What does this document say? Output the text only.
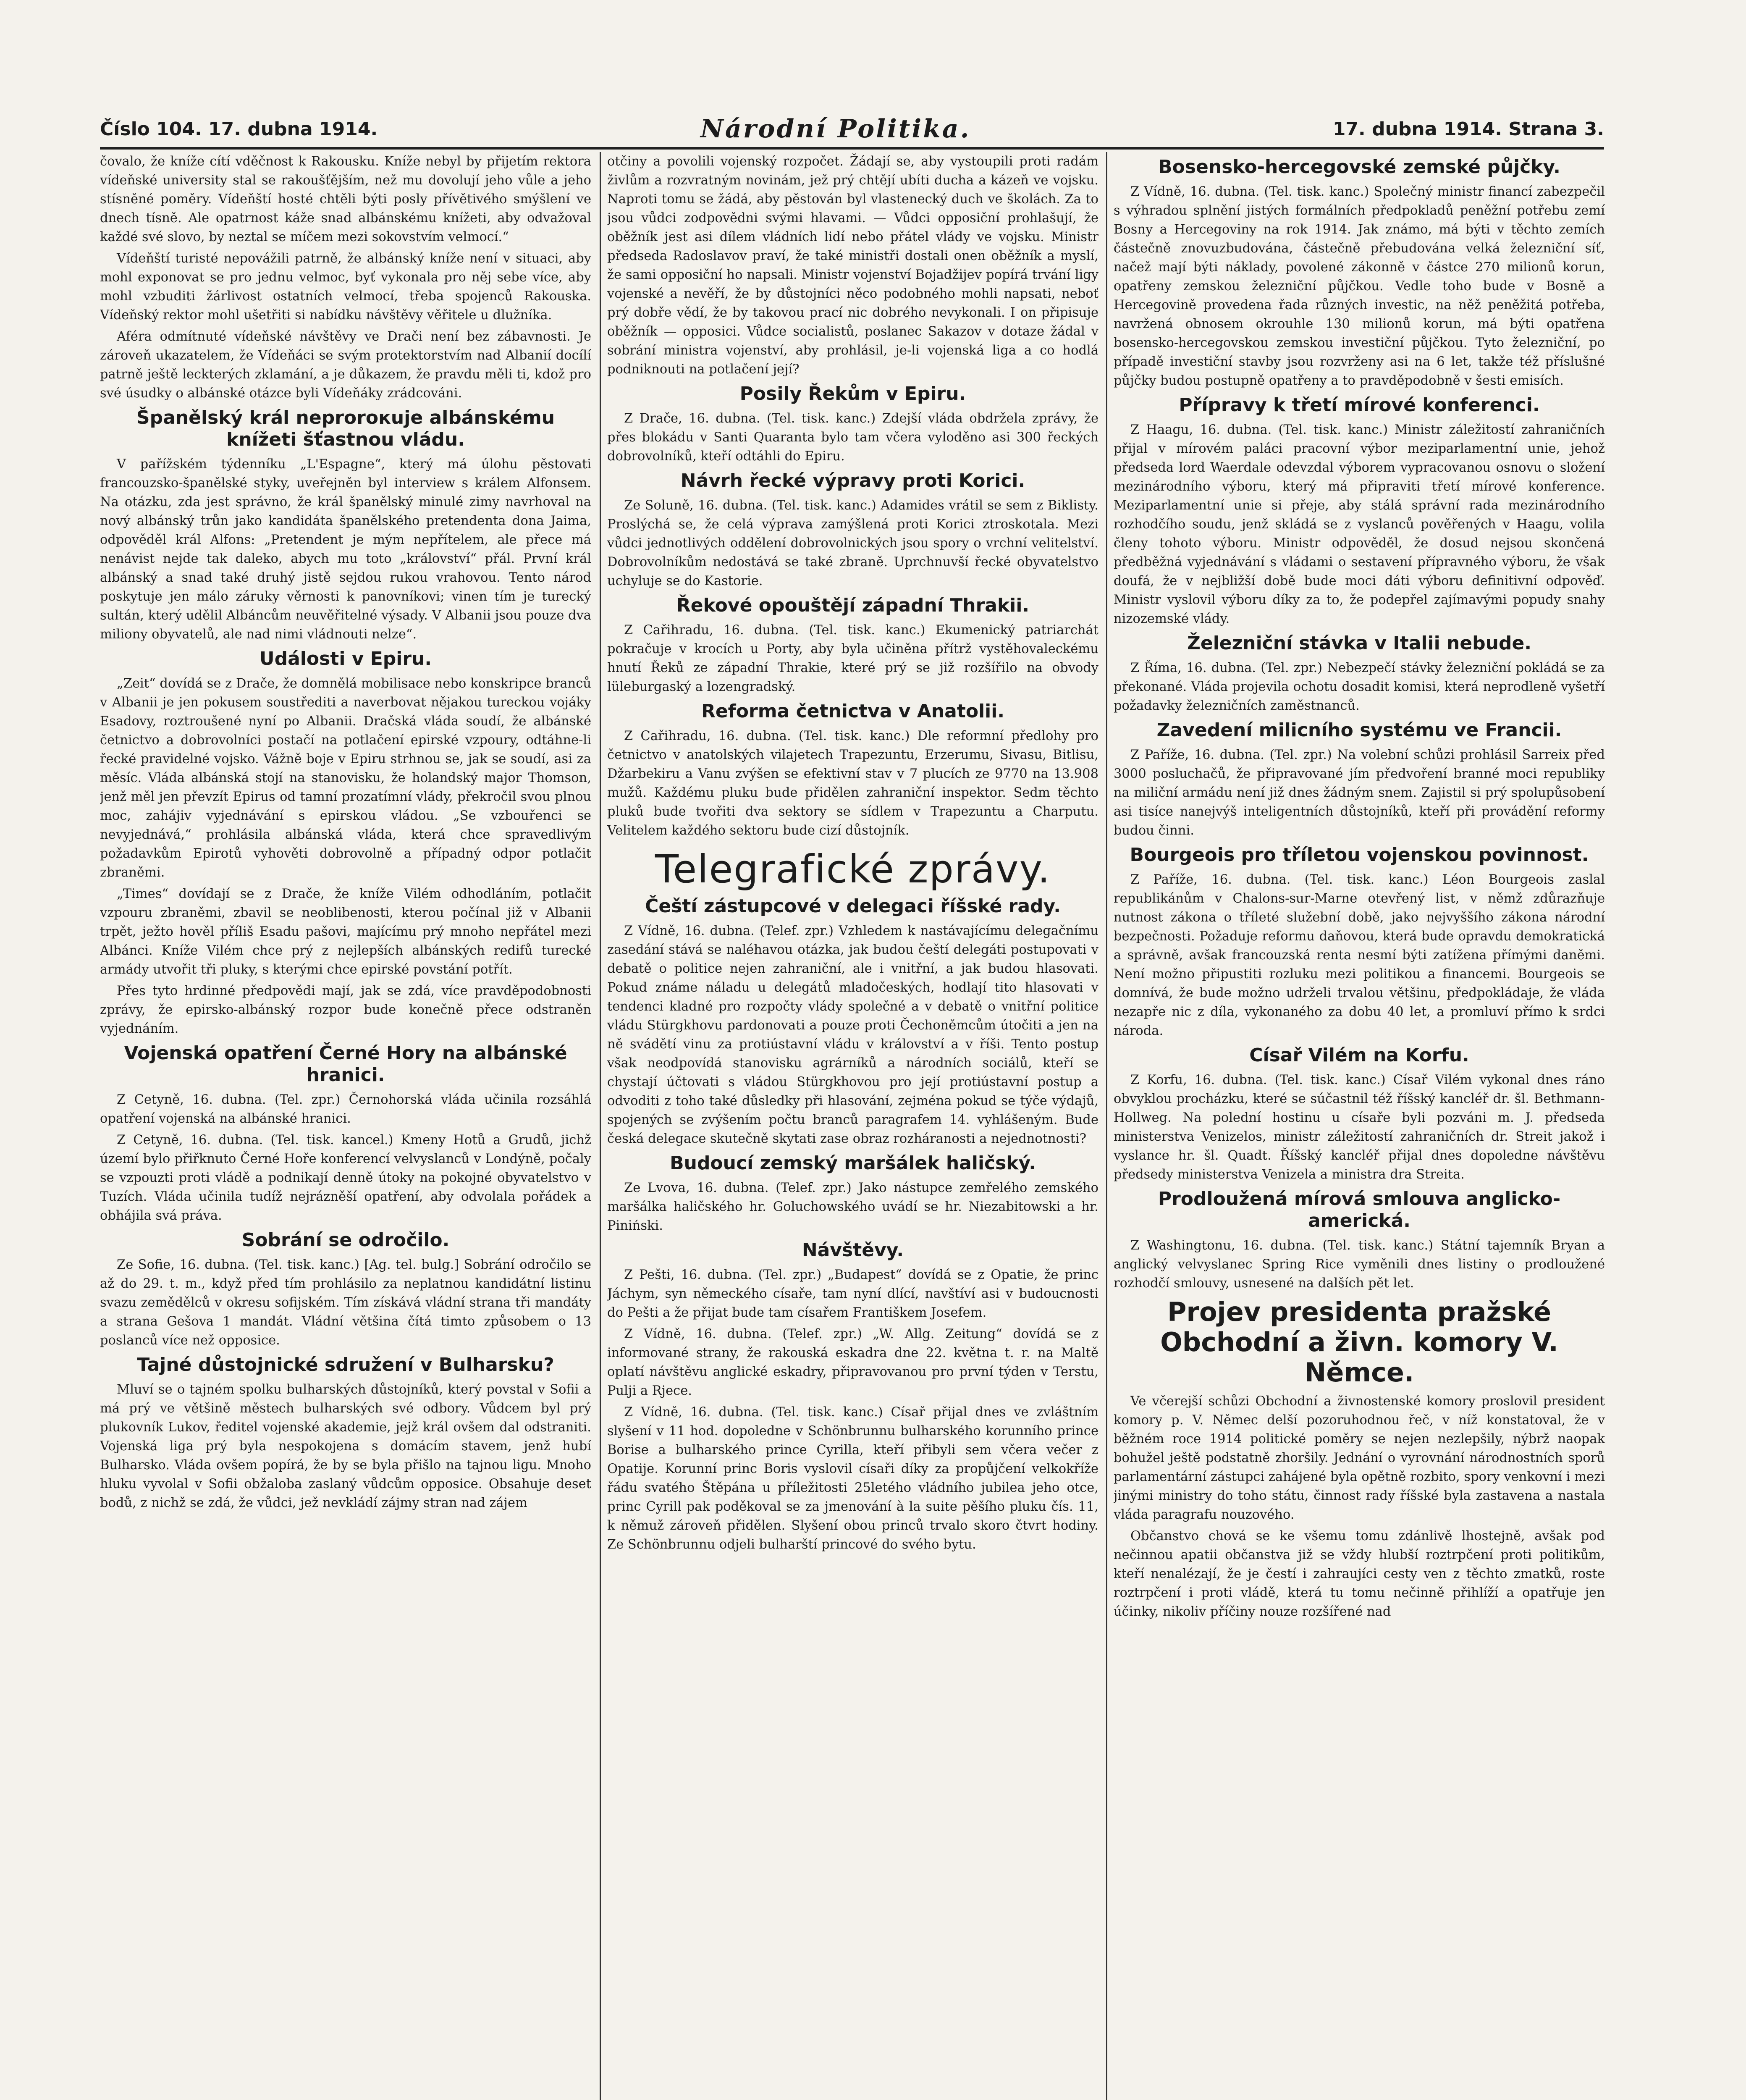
Číslo 104. 17. dubna 1914.	Národní Politika.	17. dubna 1914. Strana 3.

čovalo, že kníže cítí vděčnost k Rakousku. Kníže nebyl by přijetím rektora vídeňské university stal se rakoušťějším, než mu dovolují jeho vůle a jeho stísněné poměry. Vídeňští hosté chtěli býti posly přívětivého smýšlení ve dnech tísně. Ale opatrnost káže snad albánskému knížeti, aby odvažoval každé své slovo, by neztal se míčem mezi sokovstvím velmocí.“

Vídeňští turisté nepovážili patrně, že albánský kníže není v situaci, aby mohl exponovat se pro jednu velmoc, byť vykonala pro něj sebe více, aby mohl vzbuditi žárlivost ostatních velmocí, třeba spojenců Rakouska. Vídeňský rektor mohl ušetřiti si nabídku návštěvy věřitele u dlužníka.

Aféra odmítnuté vídeňské návštěvy ve Drači není bez zábavnosti. Je zároveň ukazatelem, že Vídeňáci se svým protektorstvím nad Albanií docílí patrně ještě leckterých zklamání, a je důkazem, že pravdu měli ti, kdož pro své úsudky o albánské otázce byli Vídeňáky zrádcováni.

Španělský král neproroкuje albánskému knížeti šťastnou vládu.

V pařížském týdenníku „L'Espagne“, který má úlohu pěstovati francouzsko-španělské styky, uveřejněn byl interview s králem Alfonsem. Na otázku, zda jest správno, že král španělský minulé zimy navrhoval na nový albánský trůn jako kandidáta španělského pretendenta dona Jaima, odpověděl král Alfons: „Pretendent je mým nepřítelem, ale přece má nenávist nejde tak daleko, abych mu toto „království“ přál. První král albánský a snad také druhý jistě sejdou rukou vrahovou. Tento národ poskytuje jen málo záruky věrnosti k panovníkovi; vinen tím je turecký sultán, který udělil Albáncům neuvěřitelné výsady. V Albanii jsou pouze dva miliony obyvatelů, ale nad nimi vládnouti nelze“.

Události v Epiru.

„Zeit“ dovídá se z Drače, že domnělá mobilisace nebo konskripce branců v Albanii je jen pokusem soustřediti a naverbovat nějakou tureckou vojáky Esadovy, roztroušené nyní po Albanii. Dračská vláda soudí, že albánské četnictvo a dobrovolníci postačí na potlačení epirské vzpoury, odtáhne-li řecké pravidelné vojsko. Vážně boje v Epiru strhnou se, jak se soudí, asi za měsíc. Vláda albánská stojí na stanovisku, že holandský major Thomson, jenž měl jen převzít Epirus od tamní prozatímní vlády, překročil svou plnou moc, zahájiv vyjednávání s epirskou vládou. „Se vzbouřenci se nevyjednává,“ prohlásila albánská vláda, která chce spravedlivým požadavkům Epirotů vyhověti dobrovolně a případný odpor potlačit zbraněmi.

„Times“ dovídají se z Drače, že kníže Vilém odhodláním, potlačit vzpouru zbraněmi, zbavil se neoblibenosti, kterou počínal již v Albanii trpět, ježto hověl příliš Esadu pašovi, majícímu prý mnoho nepřátel mezi Albánci. Kníže Vilém chce prý z nejlepších albánských redifů turecké armády utvořit tři pluky, s kterými chce epirské povstání potřít.

Přes tyto hrdinné předpovědi mají, jak se zdá, více pravděpodobnosti zprávy, že epirsko-albánský rozpor bude konečně přece odstraněn vyjednáním.

Vojenská opatření Černé Hory na albánské hranici.

Z Cetyně, 16. dubna. (Tel. zpr.) Černohorská vláda učinila rozsáhlá opatření vojenská na albánské hranici.

Z Cetyně, 16. dubna. (Tel. tisk. kancel.) Kmeny Hotů a Grudů, jichž území bylo přiřknuto Černé Hoře konferencí velvyslanců v Londýně, počaly se vzpouzti proti vládě a podnikají denně útoky na pokojné obyvatelstvo v Tuzích. Vláda učinila tudíž nejrázněší opatření, aby odvolala pořádek a obhájila svá práva.

Sobrání se odročilo.

Ze Sofie, 16. dubna. (Tel. tisk. kanc.) [Ag. tel. bulg.] Sobrání odročilo se až do 29. t. m., když před tím prohlásilo za neplatnou kandidátní listinu svazu zemědělců v okresu sofijském. Tím získává vládní strana tři mandáty a strana Gešova 1 mandát. Vládní většina čítá timto způsobem o 13 poslanců více než opposice.

Tajné důstojnické sdružení v Bulharsku?

Mluví se o tajném spolku bulharských důstojníků, který povstal v Sofii a má prý ve většině městech bulharských své odbory. Vůdcem byl prý plukovník Lukov, ředitel vojenské akademie, jejž král ovšem dal odstraniti. Vojenská liga prý byla nespokojena s domácím stavem, jenž hubí Bulharsko. Vláda ovšem popírá, že by se byla přišlo na tajnou ligu. Mnoho hluku vyvolal v Sofii obžaloba zaslaný vůdcům opposice. Obsahuje deset bodů, z nichž se zdá, že vůdci, jež nevkládí zájmy stran nad zájem

otčiny a povolili vojenský rozpočet. Žádají se, aby vystoupili proti radám živlům a rozvratným novinám, jež prý chtějí ubíti ducha a kázeň ve vojsku. Naproti tomu se žádá, aby pěstován byl vlastenecký duch ve školách. Za to jsou vůdci zodpovědni svými hlavami. — Vůdci opposiční prohlašují, že oběžník jest asi dílem vládních lidí nebo přátel vlády ve vojsku. Ministr předseda Radoslavov praví, že také ministři dostali onen oběžník a myslí, že sami opposiční ho napsali. Ministr vojenství Bojadžijev popírá trvání ligy vojenské a nevěří, že by důstojníci něco podobného mohli napsati, neboť prý dobře vědí, že by takovou prací nic dobrého nevykonali. I on připisuje oběžník — opposici. Vůdce socialistů, poslanec Sakazov v dotaze žádal v sobrání ministra vojenství, aby prohlásil, je-li vojenská liga a co hodlá podniknouti na potlačení její?

Posily Řekům v Epiru.

Z Drače, 16. dubna. (Tel. tisk. kanc.) Zdejší vláda obdržela zprávy, že přes blokádu v Santi Quaranta bylo tam včera vyloděno asi 300 řeckých dobrovolníků, kteří odtáhli do Epiru.

Návrh řecké výpravy proti Korici.

Ze Soluně, 16. dubna. (Tel. tisk. kanc.) Adamides vrátil se sem z Biklisty. Proslýchá se, že celá výprava zamýšlená proti Korici ztroskotala. Mezi vůdci jednotlivých oddělení dobrovolnických jsou spory o vrchní velitelství. Dobrovolníkům nedostává se také zbraně. Uprchnuvší řecké obyvatelstvo uchyluje se do Kastorie.

Řekové opouštějí západní Thrakii.

Z Cařihradu, 16. dubna. (Tel. tisk. kanc.) Ekumenický patriarchát pokračuje v krocích u Porty, aby byla učiněna přítrž vystěhovaleckému hnutí Řeků ze západní Thrakie, které prý se již rozšířilo na obvody lüleburgaský a lozengradský.

Reforma četnictva v Anatolii.

Z Cařihradu, 16. dubna. (Tel. tisk. kanc.) Dle reformní předlohy pro četnictvo v anatolských vilajetech Trapezuntu, Erzerumu, Sivasu, Bitlisu, Džarbekiru a Vanu zvýšen se efektivní stav v 7 plucích ze 9770 na 13.908 mužů. Každému pluku bude přidělen zahraniční inspektor. Sedm těchto pluků bude tvořiti dva sektory se sídlem v Trapezuntu a Charputu. Velitelem každého sektoru bude cizí důstojník.

Telegrafické zprávy.
Čeští zástupcové v delegaci říšské rady.

Z Vídně, 16. dubna. (Telef. zpr.) Vzhledem k nastávajícímu delegačnímu zasedání stává se naléhavou otázka, jak budou čeští delegáti postupovati v debatě o politice nejen zahraniční, ale i vnitřní, a jak budou hlasovati. Pokud známe náladu u delegátů mladočeských, hodlají tito hlasovati v tendenci kladné pro rozpočty vlády společné a v debatě o vnitřní politice vládu Stürgkhovu pardonovati a pouze proti Čechoněmcům útočiti a jen na ně svádětí vinu za protiústavní vládu v království a v říši. Tento postup však neodpovídá stanovisku agrárníků a národních sociálů, kteří se chystají účtovati s vládou Stürgkhovou pro její protiústavní postup a odvoditi z toho také důsledky při hlasování, zejména pokud se týče výdajů, spojených se zvýšením počtu branců paragrafem 14. vyhlášeným. Bude česká delegace skutečně skytati zase obraz rozháranosti a nejednotnosti?

Budoucí zemský maršálek haličský.

Ze Lvova, 16. dubna. (Telef. zpr.) Jako nástupce zemřelého zemského maršálka haličského hr. Goluchowského uvádí se hr. Niezabitowski a hr. Piniński.

Návštěvy.

Z Pešti, 16. dubna. (Tel. zpr.) „Budapest“ dovídá se z Opatie, že princ Jáchym, syn německého císaře, tam nyní dlící, navštíví asi v budoucnosti do Pešti a že přijat bude tam císařem Františkem Josefem.

Z Vídně, 16. dubna. (Telef. zpr.) „W. Allg. Zeitung“ dovídá se z informované strany, že rakouská eskadra dne 22. května t. r. na Maltě oplatí návštěvu anglické eskadry, připravovanou pro první týden v Terstu, Pulji a Rjece.

Z Vídně, 16. dubna. (Tel. tisk. kanc.) Císař přijal dnes ve zvláštním slyšení v 11 hod. dopoledne v Schönbrunnu bulharského korunního prince Borise a bulharského prince Cyrilla, kteří přibyli sem včera večer z Opatije. Korunní princ Boris vyslovil císaři díky za propůjčení velkokříže řádu svatého Štěpána u příležitosti 25letého vládního jubilea jeho otce, princ Cyrill pak poděkoval se za jmenování à la suite pěšího pluku čís. 11, k němuž zároveň přidělen. Slyšení obou princů trvalo skoro čtvrt hodiny. Ze Schönbrunnu odjeli bulharští princové do svého bytu.

Bosensko-hercegovské zemské půjčky.

Z Vídně, 16. dubna. (Tel. tisk. kanc.) Společný ministr financí zabezpečil s výhradou splnění jistých formálních předpokladů peněžní potřebu zemí Bosny a Hercegoviny na rok 1914. Jak známo, má býti v těchto zemích částečně znovuzbudována, částečně přebudována velká železniční síť, načež mají býti náklady, povolené zákonně v částce 270 milionů korun, opatřeny zemskou železniční půjčkou. Vedle toho bude v Bosně a Hercegovině provedena řada různých investic, na něž peněžitá potřeba, navržená obnosem okrouhle 130 milionů korun, má býti opatřena bosensko-hercegovskou zemskou investiční půjčkou. Tyto železniční, po případě investiční stavby jsou rozvrženy asi na 6 let, takže též příslušné půjčky budou postupně opatřeny a to pravděpodobně v šesti emisích.

Přípravy k třetí mírové konferenci.

Z Haagu, 16. dubna. (Tel. tisk. kanc.) Ministr záležitostí zahraničních přijal v mírovém paláci pracovní výbor meziparlamentní unie, jehož předseda lord Waerdale odevzdal výborem vypracovanou osnovu o složení mezinárodního výboru, který má připraviti třetí mírové konference. Meziparlamentní unie si přeje, aby stálá správní rada mezinárodního rozhodčího soudu, jenž skládá se z vyslanců pověřených v Haagu, volila členy tohoto výboru. Ministr odpověděl, že dosud nejsou skončená předběžná vyjednávání s vládami o sestavení přípravného výboru, že však doufá, že v nejbližší době bude moci dáti výboru definitivní odpověď. Ministr vyslovil výboru díky za to, že podepřel zajímavými popudy snahy nizozemské vlády.

Železniční stávka v Italii nebude.

Z Říma, 16. dubna. (Tel. zpr.) Nebezpečí stávky železniční pokládá se za překonané. Vláda projevila ochotu dosadit komisi, která neprodleně vyšetří požadavky železničních zaměstnanců.

Zavedení milicního systému ve Francii.

Z Paříže, 16. dubna. (Tel. zpr.) Na volební schůzi prohlásil Sarreix před 3000 posluchačů, že připravované jím předvoření branné moci republiky na miliční armádu není již dnes žádným snem. Zajistil si prý spolupůsobení asi tisíce nanejvýš inteligentních důstojníků, kteří při provádění reformy budou činni.

Bourgeois pro tříletou vojenskou povinnost.

Z Paříže, 16. dubna. (Tel. tisk. kanc.) Léon Bourgeois zaslal republikánům v Chalons-sur-Marne otevřený list, v němž zdůrazňuje nutnost zákona o tříleté služební době, jako nejvyššího zákona národní bezpečnosti. Požaduje reformu daňovou, která bude opravdu demokratická a správně, avšak francouzská renta nesmí býti zatížena přímými daněmi. Není možno připustiti rozluku mezi politikou a financemi. Bourgeois se domnívá, že bude možno udrželi trvalou většinu, předpokládaje, že vláda nezapře nic z díla, vykonaného za dobu 40 let, a promluví přímo k srdci národa.

Císař Vilém na Korfu.

Z Korfu, 16. dubna. (Tel. tisk. kanc.) Císař Vilém vykonal dnes ráno obvyklou procházku, které se súčastnil též říšský kancléř dr. šl. Bethmann-Hollweg. Na polední hostinu u císaře byli pozváni m. J. předseda ministerstva Venizelos, ministr záležitostí zahraničních dr. Streit jakož i vyslance hr. šl. Quadt. Říšský kancléř přijal dnes dopoledne návštěvu předsedy ministerstva Venizela a ministra dra Streita.

Prodloužená mírová smlouva anglicko-americká.

Z Washingtonu, 16. dubna. (Tel. tisk. kanc.) Státní tajemník Bryan a anglický velvyslanec Spring Rice vyměnili dnes listiny o prodloužené rozhodčí smlouvy, usnesené na dalších pět let.

Projev presidenta pražské Obchodní a živn. komory V. Němce.

Ve včerejší schůzi Obchodní a živnostenské komory proslovil president komory p. V. Němec delší pozoruhodnou řeč, v níž konstatoval, že v běžném roce 1914 politické poměry se nejen nezlepšily, nýbrž naopak bohužel ještě podstatně zhoršily. Jednání o vyrovnání národnostních sporů parlamentární zástupci zahájené byla opětně rozbito, spory venkovní i mezi jinými ministry do toho státu, činnost rady říšské byla zastavena a nastala vláda paragrafu nouzového.

Občanstvo chová se ke všemu tomu zdánlivě lhostejně, avšak pod nečinnou apatii občanstva již se vždy hlubší roztrpčení proti politikům, kteří nenalézají, že je čestí i zahraujíci cesty ven z těchto zmatků, roste roztrpčení i proti vládě, která tu tomu nečinně přihlíží a opatřuje jen účinky, nikoliv příčiny nouze rozšířené nad
